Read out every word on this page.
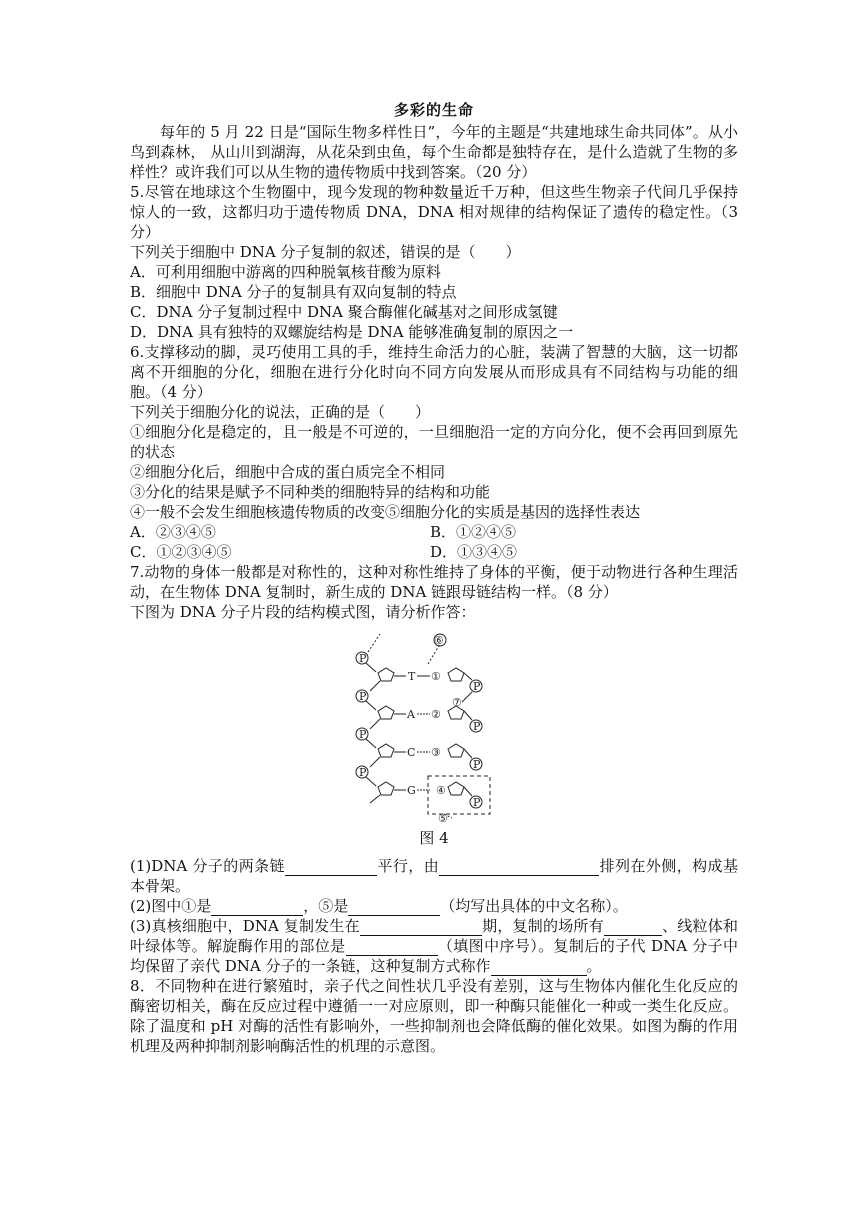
多彩的生命

每年的 5 月 22 日是“国际生物多样性日”，今年的主题是“共建地球生命共同体”。从小鸟到森林， 从山川到湖海，从花朵到虫鱼，每个生命都是独特存在，是什么造就了生物的多样性？或许我们可以从生物的遗传物质中找到答案。（20 分）

5.尽管在地球这个生物圈中，现今发现的物种数量近千万种，但这些生物亲子代间几乎保持惊人的一致，这都归功于遗传物质 DNA，DNA 相对规律的结构保证了遗传的稳定性。（3 分）

下列关于细胞中 DNA 分子复制的叙述，错误的是（　　）

A．可利用细胞中游离的四种脱氧核苷酸为原料

B．细胞中 DNA 分子的复制具有双向复制的特点

C．DNA 分子复制过程中 DNA 聚合酶催化碱基对之间形成氢键

D．DNA 具有独特的双螺旋结构是 DNA 能够准确复制的原因之一

6.支撑移动的脚，灵巧使用工具的手，维持生命活力的心脏，装满了智慧的大脑，这一切都离不开细胞的分化，细胞在进行分化时向不同方向发展从而形成具有不同结构与功能的细胞。（4 分）

下列关于细胞分化的说法，正确的是（　　）

①细胞分化是稳定的，且一般是不可逆的，一旦细胞沿一定的方向分化，便不会再回到原先的状态

②细胞分化后，细胞中合成的蛋白质完全不相同

③分化的结果是赋予不同种类的细胞特异的结构和功能

④一般不会发生细胞核遗传物质的改变⑤细胞分化的实质是基因的选择性表达

A．②③④⑤	B．①②④⑤
C．①②③④⑤	D．①③④⑤

7.动物的身体一般都是对称性的，这种对称性维持了身体的平衡，便于动物进行各种生理活动，在生物体 DNA 复制时，新生成的 DNA 链跟母链结构一样。（8 分）

下图为 DNA 分子片段的结构模式图，请分析作答：

P
P
P
P
T ①
A ②
C ③
G ④
P
P
P
P
⑥
⑦
⑤
图 4

(1)DNA 分子的两条链	平行，由	排列在外侧，构成基本骨架。

(2)图中①是	，⑤是	（均写出具体的中文名称）。

(3)真核细胞中，DNA 复制发生在	期，复制的场所有	、线粒体和叶绿体等。解旋酶作用的部位是	（填图中序号）。复制后的子代 DNA 分子中均保留了亲代 DNA 分子的一条链，这种复制方式称作	。

8．不同物种在进行繁殖时，亲子代之间性状几乎没有差别，这与生物体内催化生化反应的酶密切相关，酶在反应过程中遵循一一对应原则，即一种酶只能催化一种或一类生化反应。除了温度和 pH 对酶的活性有影响外，一些抑制剂也会降低酶的催化效果。如图为酶的作用机理及两种抑制剂影响酶活性的机理的示意图。
